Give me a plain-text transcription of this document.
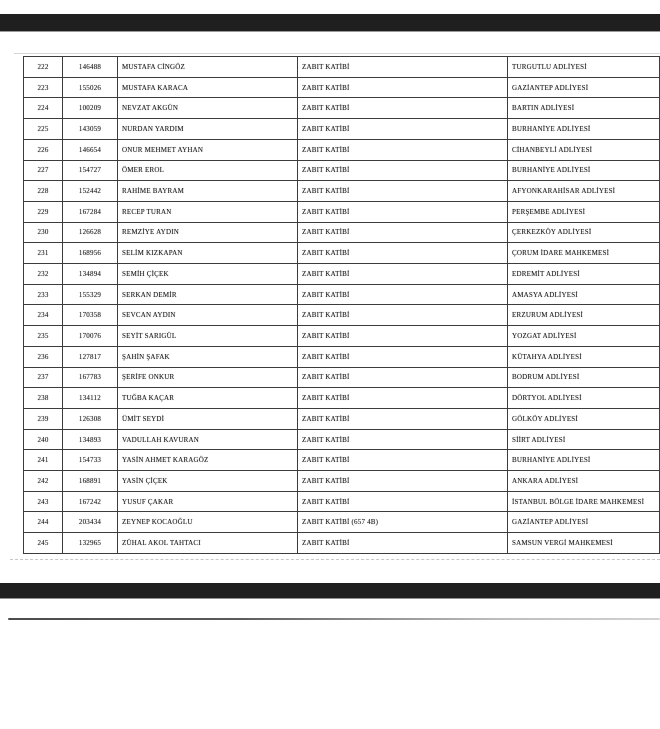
222	146488	MUSTAFA CİNGÖZ	ZABIT KATİBİ	TURGUTLU ADLİYESİ
223	155026	MUSTAFA KARACA	ZABIT KATİBİ	GAZİANTEP ADLİYESİ
224	100209	NEVZAT AKGÜN	ZABIT KATİBİ	BARTIN ADLİYESİ
225	143059	NURDAN YARDIM	ZABIT KATİBİ	BURHANİYE ADLİYESİ
226	146654	ONUR MEHMET AYHAN	ZABIT KATİBİ	CİHANBEYLİ ADLİYESİ
227	154727	ÖMER EROL	ZABIT KATİBİ	BURHANİYE ADLİYESİ
228	152442	RAHİME BAYRAM	ZABIT KATİBİ	AFYONKARAHİSAR ADLİYESİ
229	167284	RECEP TURAN	ZABIT KATİBİ	PERŞEMBE ADLİYESİ
230	126628	REMZİYE AYDIN	ZABIT KATİBİ	ÇERKEZKÖY ADLİYESİ
231	168956	SELİM KIZKAPAN	ZABIT KATİBİ	ÇORUM İDARE MAHKEMESİ
232	134894	SEMİH ÇİÇEK	ZABIT KATİBİ	EDREMİT ADLİYESİ
233	155329	SERKAN DEMİR	ZABIT KATİBİ	AMASYA ADLİYESİ
234	170358	SEVCAN AYDIN	ZABIT KATİBİ	ERZURUM ADLİYESİ
235	170076	SEYİT SARIGÜL	ZABIT KATİBİ	YOZGAT ADLİYESİ
236	127817	ŞAHİN ŞAFAK	ZABIT KATİBİ	KÜTAHYA ADLİYESİ
237	167783	ŞERİFE ONKUR	ZABIT KATİBİ	BODRUM ADLİYESİ
238	134112	TUĞBA KAÇAR	ZABIT KATİBİ	DÖRTYOL ADLİYESİ
239	126308	ÜMİT SEYDİ	ZABIT KATİBİ	GÖLKÖY ADLİYESİ
240	134893	VADULLAH KAVURAN	ZABIT KATİBİ	SİİRT ADLİYESİ
241	154733	YASİN AHMET KARAGÖZ	ZABIT KATİBİ	BURHANİYE ADLİYESİ
242	168891	YASİN ÇİÇEK	ZABIT KATİBİ	ANKARA ADLİYESİ
243	167242	YUSUF ÇAKAR	ZABIT KATİBİ	İSTANBUL BÖLGE İDARE MAHKEMESİ
244	203434	ZEYNEP KOCAOĞLU	ZABIT KATİBİ (657 4B)	GAZİANTEP ADLİYESİ
245	132965	ZÜHAL AKOL TAHTACI	ZABIT KATİBİ	SAMSUN VERGİ MAHKEMESİ
